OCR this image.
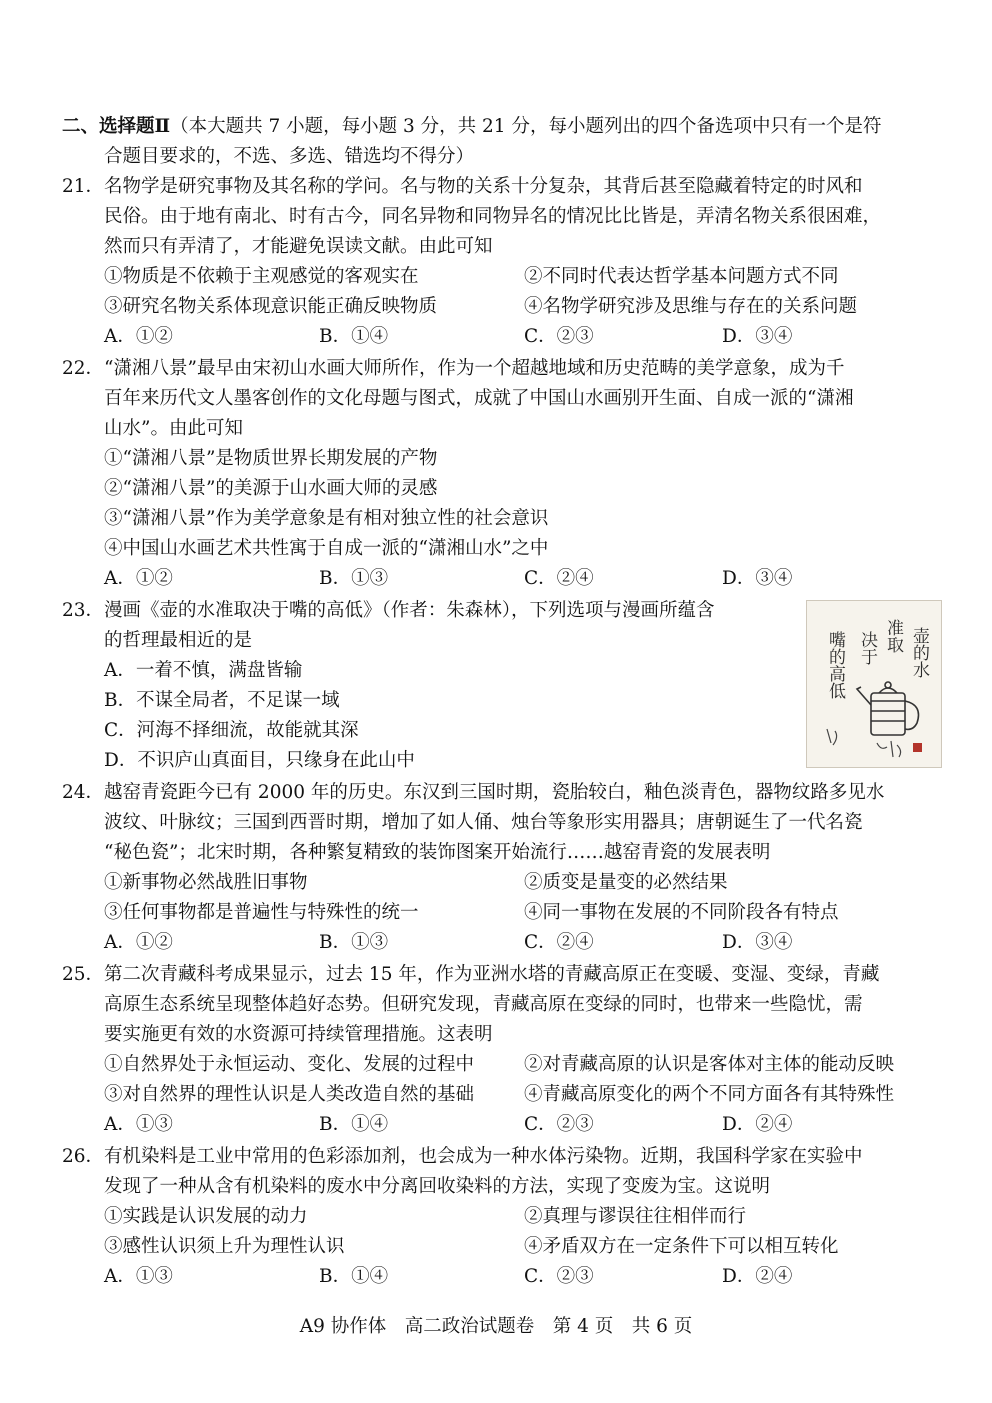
二、选择题Ⅱ（本大题共 7 小题，每小题 3 分，共 21 分，每小题列出的四个备选项中只有一个是符
合题目要求的，不选、多选、错选均不得分）
21．名物学是研究事物及其名称的学问。名与物的关系十分复杂，其背后甚至隐藏着特定的时风和
民俗。由于地有南北、时有古今，同名异物和同物异名的情况比比皆是，弄清名物关系很困难，
然而只有弄清了，才能避免误读文献。由此可知
①物质是不依赖于主观感觉的客观实在	②不同时代表达哲学基本问题方式不同
③研究名物关系体现意识能正确反映物质	④名物学研究涉及思维与存在的关系问题
A．①②	B．①④	C．②③	D．③④
22．“潇湘八景”最早由宋初山水画大师所作，作为一个超越地域和历史范畴的美学意象，成为千
百年来历代文人墨客创作的文化母题与图式，成就了中国山水画别开生面、自成一派的“潇湘
山水”。由此可知
①“潇湘八景”是物质世界长期发展的产物
②“潇湘八景”的美源于山水画大师的灵感
③“潇湘八景”作为美学意象是有相对独立性的社会意识
④中国山水画艺术共性寓于自成一派的“潇湘山水”之中
A．①②	B．①③	C．②④	D．③④
23．漫画《壶的水准取决于嘴的高低》（作者：朱森林），下列选项与漫画所蕴含
的哲理最相近的是
A．一着不慎，满盘皆输
B．不谋全局者，不足谋一域
C．河海不择细流，故能就其深
D．不识庐山真面目，只缘身在此山中
壶的水
准取
决于
嘴的高低
24．越窑青瓷距今已有 2000 年的历史。东汉到三国时期，瓷胎较白，釉色淡青色，器物纹路多见水
波纹、叶脉纹；三国到西晋时期，增加了如人俑、烛台等象形实用器具；唐朝诞生了一代名瓷
“秘色瓷”；北宋时期，各种繁复精致的装饰图案开始流行……越窑青瓷的发展表明
①新事物必然战胜旧事物	②质变是量变的必然结果
③任何事物都是普遍性与特殊性的统一	④同一事物在发展的不同阶段各有特点
A．①②	B．①③	C．②④	D．③④
25．第二次青藏科考成果显示，过去 15 年，作为亚洲水塔的青藏高原正在变暖、变湿、变绿，青藏
高原生态系统呈现整体趋好态势。但研究发现，青藏高原在变绿的同时，也带来一些隐忧，需
要实施更有效的水资源可持续管理措施。这表明
①自然界处于永恒运动、变化、发展的过程中	②对青藏高原的认识是客体对主体的能动反映
③对自然界的理性认识是人类改造自然的基础	④青藏高原变化的两个不同方面各有其特殊性
A．①③	B．①④	C．②③	D．②④
26．有机染料是工业中常用的色彩添加剂，也会成为一种水体污染物。近期，我国科学家在实验中
发现了一种从含有机染料的废水中分离回收染料的方法，实现了变废为宝。这说明
①实践是认识发展的动力	②真理与谬误往往相伴而行
③感性认识须上升为理性认识	④矛盾双方在一定条件下可以相互转化
A．①③	B．①④	C．②③	D．②④
A9 协作体　高二政治试题卷　第 4 页　共 6 页
